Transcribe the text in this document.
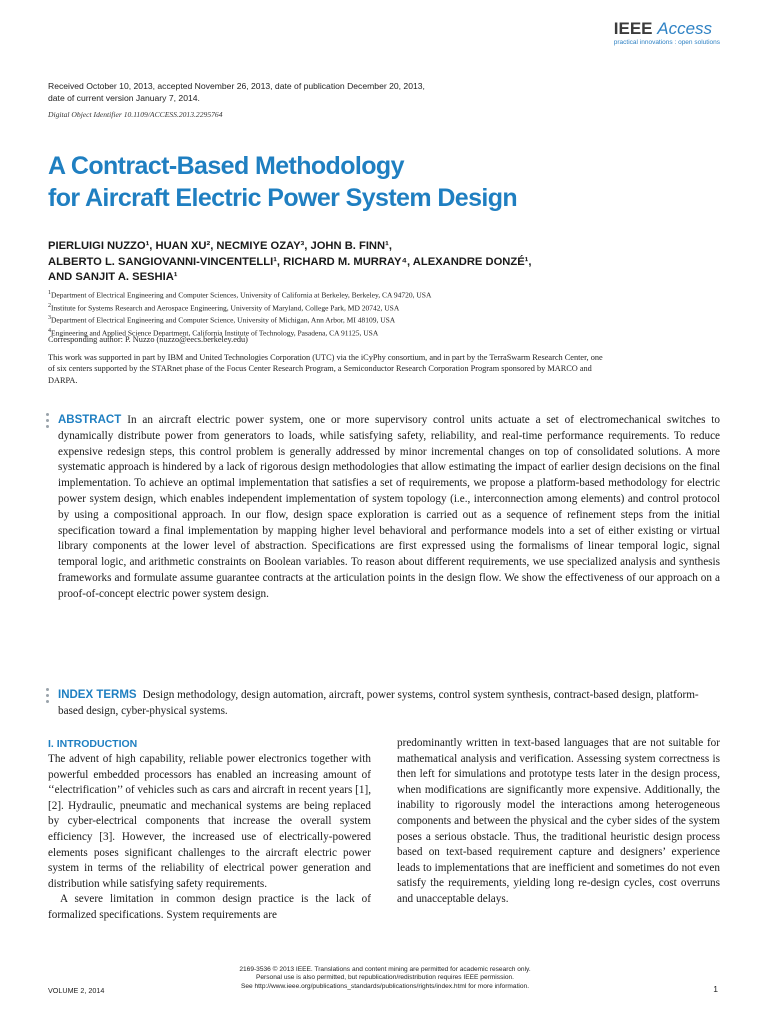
IEEE Access
practical innovations : open solutions
Received October 10, 2013, accepted November 26, 2013, date of publication December 20, 2013,
date of current version January 7, 2014.
Digital Object Identifier 10.1109/ACCESS.2013.2295764
A Contract-Based Methodology
for Aircraft Electric Power System Design
PIERLUIGI NUZZO¹, HUAN XU², NECMIYE OZAY³, JOHN B. FINN¹,
ALBERTO L. SANGIOVANNI-VINCENTELLI¹, RICHARD M. MURRAY⁴, ALEXANDRE DONZÉ¹,
AND SANJIT A. SESHIA¹
$^1$Department of Electrical Engineering and Computer Sciences, University of California at Berkeley, Berkeley, CA 94720, USA
$^2$Institute for Systems Research and Aerospace Engineering, University of Maryland, College Park, MD 20742, USA
$^3$Department of Electrical Engineering and Computer Science, University of Michigan, Ann Arbor, MI 48109, USA
$^4$Engineering and Applied Science Department, California Institute of Technology, Pasadena, CA 91125, USA
Corresponding author: P. Nuzzo (nuzzo@eecs.berkeley.edu)
This work was supported in part by IBM and United Technologies Corporation (UTC) via the iCyPhy consortium, and in part by the TerraSwarm Research Center, one of six centers supported by the STARnet phase of the Focus Center Research Program, a Semiconductor Research Corporation Program sponsored by MARCO and DARPA.
ABSTRACT In an aircraft electric power system, one or more supervisory control units actuate a set of electromechanical switches to dynamically distribute power from generators to loads, while satisfying safety, reliability, and real-time performance requirements. To reduce expensive redesign steps, this control problem is generally addressed by minor incremental changes on top of consolidated solutions. A more systematic approach is hindered by a lack of rigorous design methodologies that allow estimating the impact of earlier design decisions on the final implementation. To achieve an optimal implementation that satisfies a set of requirements, we propose a platform-based methodology for electric power system design, which enables independent implementation of system topology (i.e., interconnection among elements) and control protocol by using a compositional approach. In our flow, design space exploration is carried out as a sequence of refinement steps from the initial specification toward a final implementation by mapping higher level behavioral and performance models into a set of either existing or virtual library components at the lower level of abstraction. Specifications are first expressed using the formalisms of linear temporal logic, signal temporal logic, and arithmetic constraints on Boolean variables. To reason about different requirements, we use specialized analysis and synthesis frameworks and formulate assume guarantee contracts at the articulation points in the design flow. We show the effectiveness of our approach on a proof-of-concept electric power system design.
INDEX TERMS Design methodology, design automation, aircraft, power systems, control system synthesis, contract-based design, platform-based design, cyber-physical systems.
I. INTRODUCTION

The advent of high capability, reliable power electronics together with powerful embedded processors has enabled an increasing amount of ‘‘electrification’’ of vehicles such as cars and aircraft in recent years [1], [2]. Hydraulic, pneumatic and mechanical systems are being replaced by cyber-electrical components that increase the overall system efficiency [3]. However, the increased use of electrically-powered elements poses significant challenges to the aircraft electric power system in terms of the reliability of electrical power generation and distribution while satisfying safety requirements.

A severe limitation in common design practice is the lack of formalized specifications. System requirements are

predominantly written in text-based languages that are not suitable for mathematical analysis and verification. Assessing system correctness is then left for simulations and prototype tests later in the design process, when modifications are significantly more expensive. Additionally, the inability to rigorously model the interactions among heterogeneous components and between the physical and the cyber sides of the system poses a serious obstacle. Thus, the traditional heuristic design process based on text-based requirement capture and designers’ experience leads to implementations that are inefficient and sometimes do not even satisfy the requirements, yielding long re-design cycles, cost overruns and unacceptable delays.

2169-3536 © 2013 IEEE. Translations and content mining are permitted for academic research only.
Personal use is also permitted, but republication/redistribution requires IEEE permission.
See http://www.ieee.org/publications_standards/publications/rights/index.html for more information.
VOLUME 2, 2014	1
